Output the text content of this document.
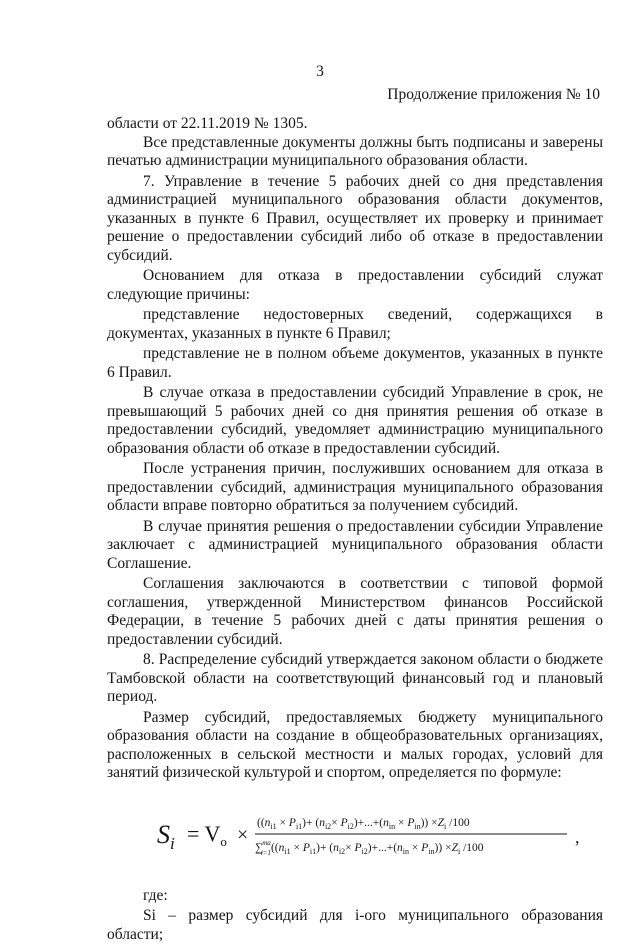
3
Продолжение приложения № 10

области от 22.11.2019 № 1305.

Все представленные документы должны быть подписаны и заверены печатью администрации муниципального образования области.

7. Управление в течение 5 рабочих дней со дня представления администрацией муниципального образования области документов, указанных в пункте 6 Правил, осуществляет их проверку и принимает решение о предоставлении субсидий либо об отказе в предоставлении субсидий.

Основанием для отказа в предоставлении субсидий служат следующие причины:

представление недостоверных сведений, содержащихся в документах, указанных в пункте 6 Правил;

представление не в полном объеме документов, указанных в пункте 6 Правил.

В случае отказа в предоставлении субсидий Управление в срок, не превышающий 5 рабочих дней со дня принятия решения об отказе в предоставлении субсидий, уведомляет администрацию муниципального образования области об отказе в предоставлении субсидий.

После устранения причин, послуживших основанием для отказа в предоставлении субсидий, администрация муниципального образования области вправе повторно обратиться за получением субсидий.

В случае принятия решения о предоставлении субсидии Управление заключает с администрацией муниципального образования области Соглашение.

Соглашения заключаются в соответствии с типовой формой соглашения, утвержденной Министерством финансов Российской Федерации, в течение 5 рабочих дней с даты принятия решения о предоставлении субсидий.

8. Распределение субсидий утверждается законом области о бюджете Тамбовской области на соответствующий финансовый год и плановый период.

Размер субсидий, предоставляемых бюджету муниципального образования области на создание в общеобразовательных организациях, расположенных в сельской местности и малых городах, условий для занятий физической культурой и спортом, определяется по формуле:

$S_i = V_o$ ×
$((n_{i1} \times P_{i1})+ (n_{i2}\times P_{i2})+...+(n_{in} \times P_{in})) \times Z_i$ /100
∑ma $i=1((n_{i1} \times P_{i1})+ (n_{i2}\times P_{i2})+...+(n_{in} \times P_{in})) \times Z_i$ /100
,

где:

Si – размер субсидий для i-ого муниципального образования области;
